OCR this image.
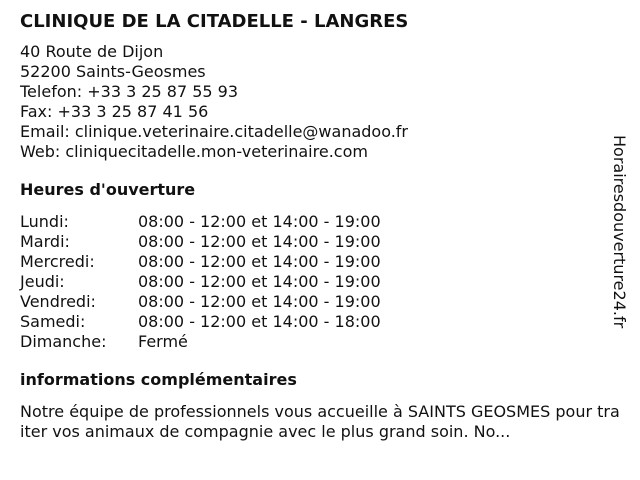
CLINIQUE DE LA CITADELLE - LANGRES
40 Route de Dijon
52200 Saints-Geosmes
Telefon: +33 3 25 87 55 93
Fax: +33 3 25 87 41 56
Email: clinique.veterinaire.citadelle@wanadoo.fr
Web: cliniquecitadelle.mon-veterinaire.com
Heures d'ouverture
Lundi:	08:00 - 12:00 et 14:00 - 19:00
Mardi:	08:00 - 12:00 et 14:00 - 19:00
Mercredi:	08:00 - 12:00 et 14:00 - 19:00
Jeudi:	08:00 - 12:00 et 14:00 - 19:00
Vendredi:	08:00 - 12:00 et 14:00 - 19:00
Samedi:	08:00 - 12:00 et 14:00 - 18:00
Dimanche:	Fermé
informations complémentaires
Notre équipe de professionnels vous accueille à SAINTS GEOSMES pour traiter vos animaux de compagnie avec le plus grand soin. No...
Horairesdouverture24.fr
